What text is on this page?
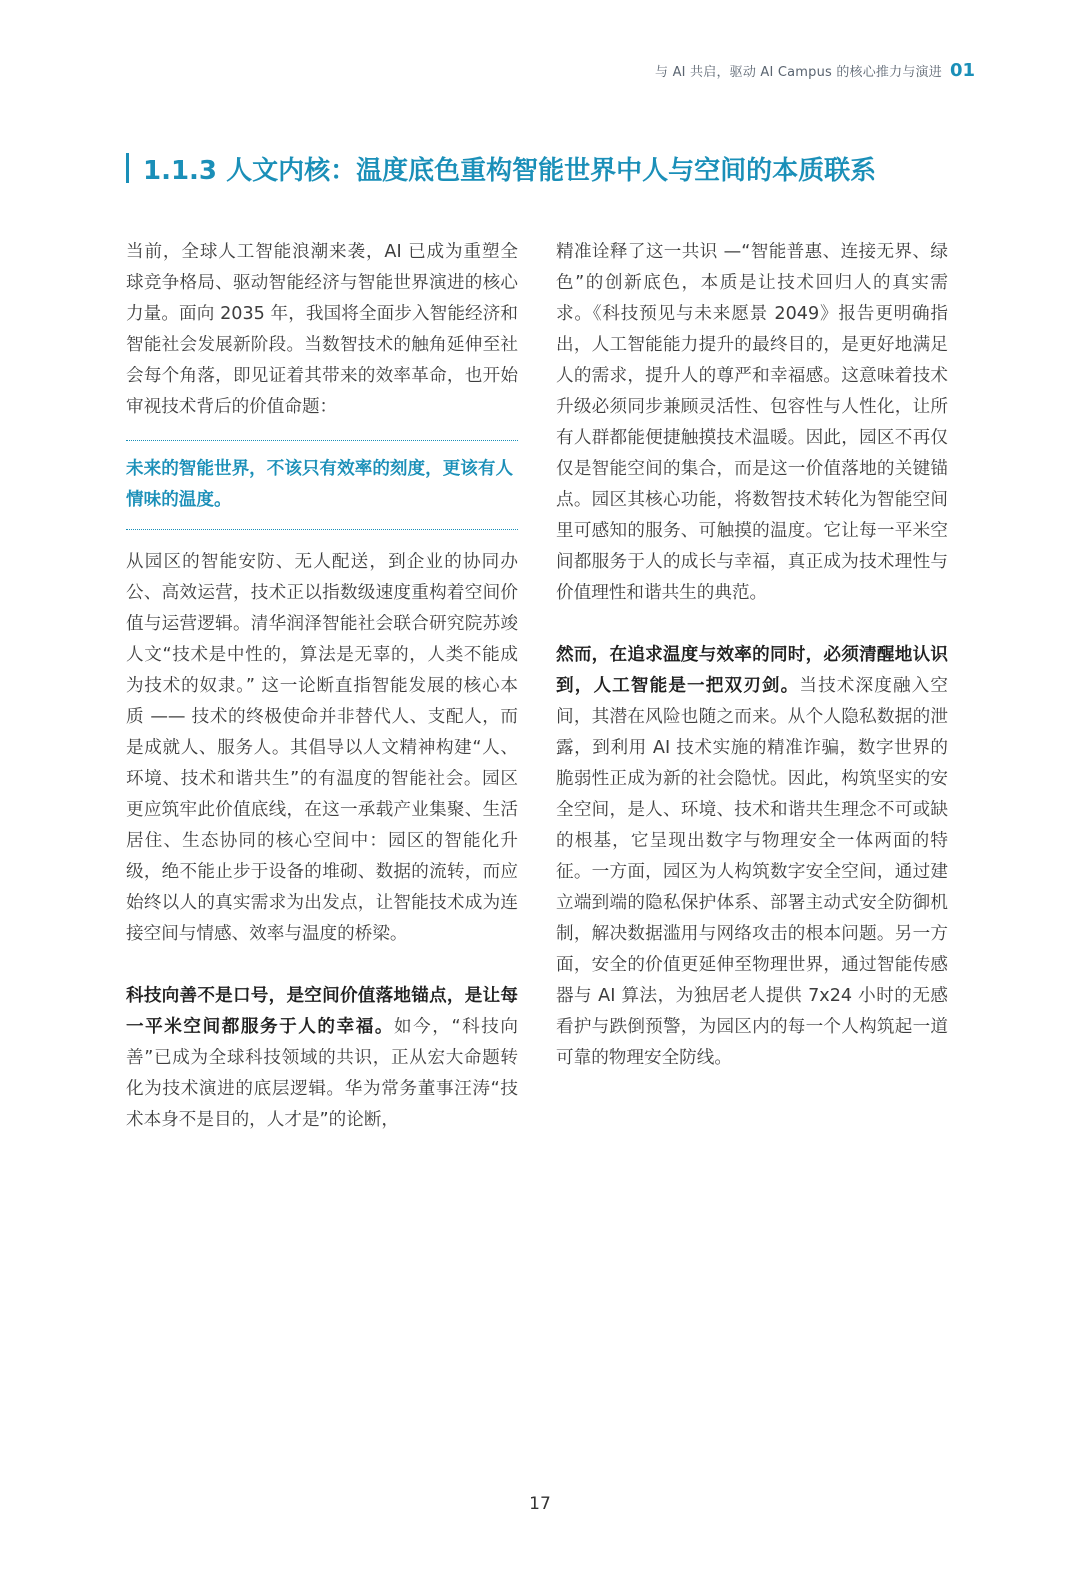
与 AI 共启，驱动 AI Campus 的核心推力与演进 01
1.1.3 人文内核：温度底色重构智能世界中人与空间的本质联系

当前，全球人工智能浪潮来袭，AI 已成为重塑全球竞争格局、驱动智能经济与智能世界演进的核心力量。面向 2035 年，我国将全面步入智能经济和智能社会发展新阶段。当数智技术的触角延伸至社会每个角落，即见证着其带来的效率革命，也开始审视技术背后的价值命题：

未来的智能世界，不该只有效率的刻度，更该有人情味的温度。

从园区的智能安防、无人配送，到企业的协同办公、高效运营，技术正以指数级速度重构着空间价值与运营逻辑。清华润泽智能社会联合研究院苏竣人文“技术是中性的，算法是无辜的，人类不能成为技术的奴隶。” 这一论断直指智能发展的核心本质 —— 技术的终极使命并非替代人、支配人，而是成就人、服务人。其倡导以人文精神构建“人、环境、技术和谐共生”的有温度的智能社会。园区更应筑牢此价值底线，在这一承载产业集聚、生活居住、生态协同的核心空间中：园区的智能化升级，绝不能止步于设备的堆砌、数据的流转，而应始终以人的真实需求为出发点，让智能技术成为连接空间与情感、效率与温度的桥梁。

科技向善不是口号，是空间价值落地锚点，是让每一平米空间都服务于人的幸福。如今，“科技向善”已成为全球科技领域的共识，正从宏大命题转化为技术演进的底层逻辑。华为常务董事汪涛“技术本身不是目的，人才是”的论断，

精准诠释了这一共识 —“智能普惠、连接无界、绿色”的创新底色，本质是让技术回归人的真实需求。《科技预见与未来愿景 2049》报告更明确指出，人工智能能力提升的最终目的，是更好地满足人的需求，提升人的尊严和幸福感。这意味着技术升级必须同步兼顾灵活性、包容性与人性化，让所有人群都能便捷触摸技术温暖。因此，园区不再仅仅是智能空间的集合，而是这一价值落地的关键锚点。园区其核心功能，将数智技术转化为智能空间里可感知的服务、可触摸的温度。它让每一平米空间都服务于人的成长与幸福，真正成为技术理性与价值理性和谐共生的典范。

然而，在追求温度与效率的同时，必须清醒地认识到，人工智能是一把双刃剑。当技术深度融入空间，其潜在风险也随之而来。从个人隐私数据的泄露，到利用 AI 技术实施的精准诈骗，数字世界的脆弱性正成为新的社会隐忧。因此，构筑坚实的安全空间，是人、环境、技术和谐共生理念不可或缺的根基，它呈现出数字与物理安全一体两面的特征。一方面，园区为人构筑数字安全空间，通过建立端到端的隐私保护体系、部署主动式安全防御机制，解决数据滥用与网络攻击的根本问题。另一方面，安全的价值更延伸至物理世界，通过智能传感器与 AI 算法，为独居老人提供 7x24 小时的无感看护与跌倒预警，为园区内的每一个人构筑起一道可靠的物理安全防线。

17
